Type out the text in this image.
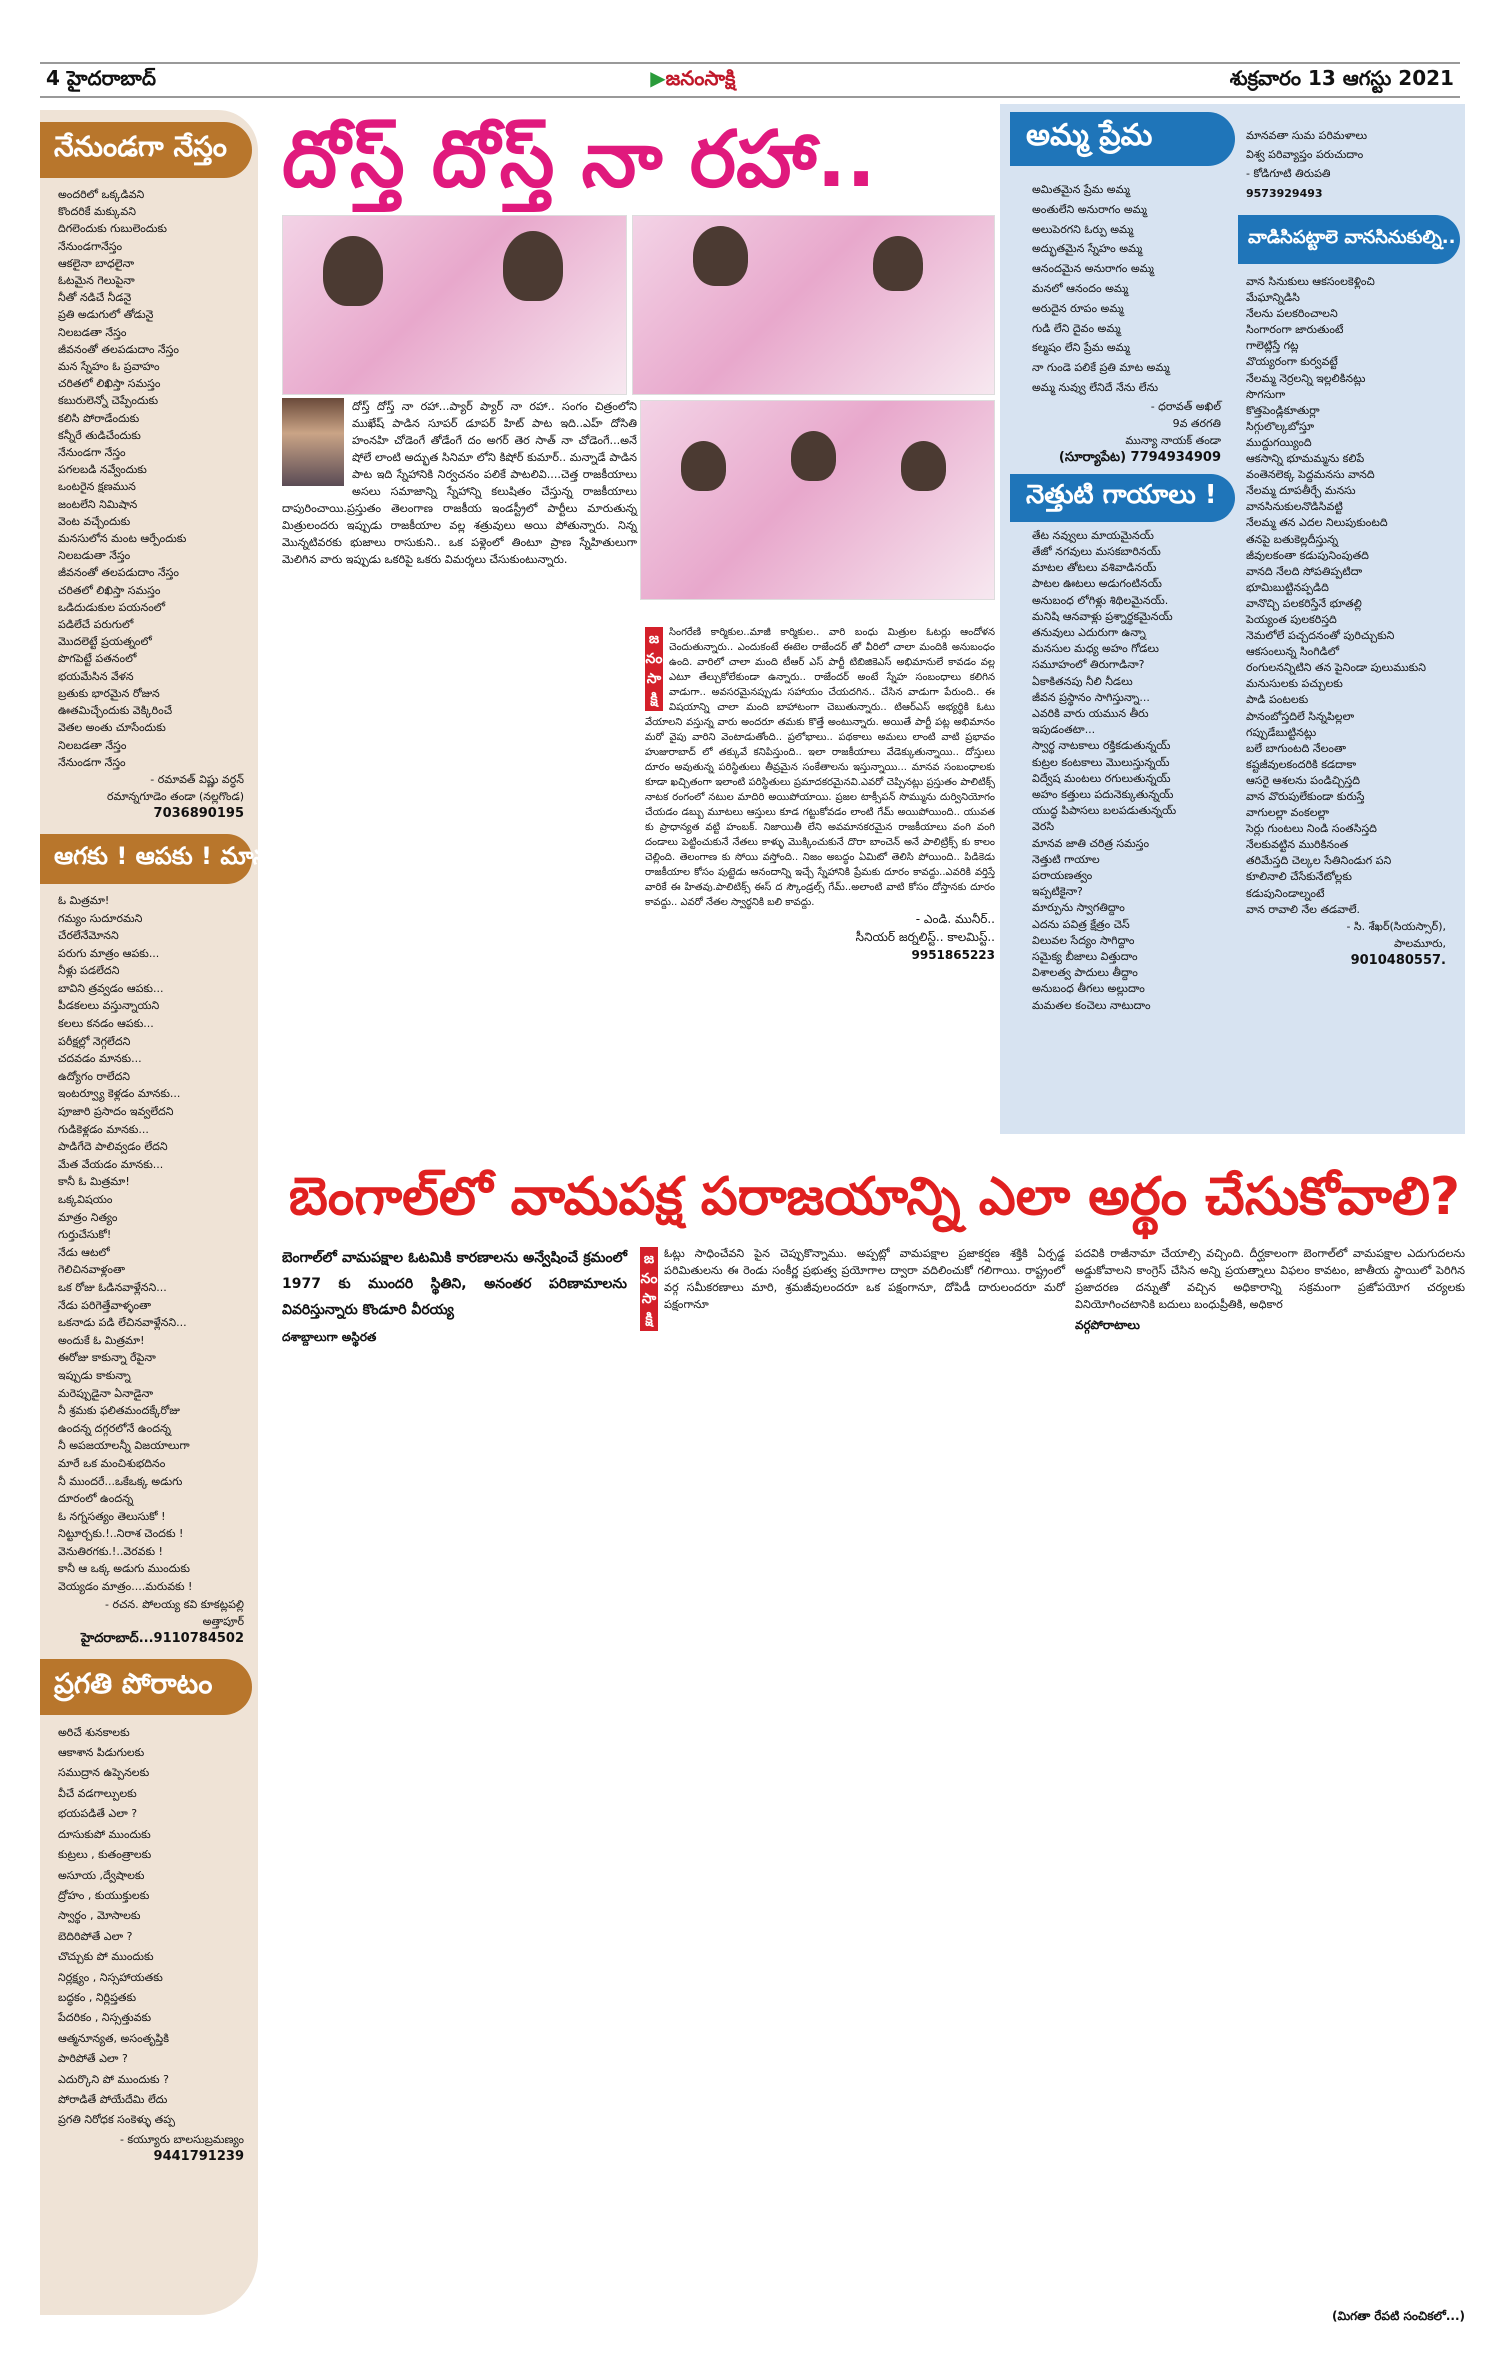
4 హైదరాబాద్	▶జనంసాక్షి	శుక్రవారం 13 ఆగస్టు 2021
నేనుండగా నేస్తం
అందరిలో ఒక్కడివని
కొందరికే మక్కువని
దిగలెందుకు గుబులెందుకు
నేనుండగానేస్తం
ఆకలైనా బాధలైనా
ఓటమైన గెలుపైనా
నీతో నడిచే నీడనై
ప్రతి అడుగులో తోడునై
నిలబడతా నేస్తం
జీవనంతో తలపడుదాం నేస్తం
మన స్నేహం ఓ ప్రవాహం
చరితలో లిఖిస్తా సమస్తం
కబురులెన్నో చెప్పేందుకు
కలిసి పోరాడేందుకు
కన్నీరే తుడిచేందుకు
నేనుండగా నేస్తం
పగలబడి నవ్వేందుకు
ఒంటరైన క్షణమున
జంటలేని నిమిషాన
వెంట వచ్చేందుకు
మనసులోన మంట ఆర్పేందుకు
నిలబడుతా నేస్తం
జీవనంతో తలపడుదాం నేస్తం
చరితలో లిఖిస్తా సమస్తం
ఒడిదుడుకుల పయనంలో
పడిలేచే పరుగులో
మొదలెట్టే ప్రయత్నంలో
పొగపెట్టే పతనంలో
భయమేసిన వేళన
బ్రతుకు భారమైన రోజున
ఊతమిచ్చేందుకు వెక్కిరించే
వెతల అంతు చూసేందుకు
నిలబడతా నేస్తం
నేనుండగా నేస్తం
- రమావత్ విష్ణు వర్ధన్
రమాన్నగూడెం తండా (నల్లగొండ)
7036890195
ఆగకు ! ఆపకు ! మానకు !
ఓ మిత్రమా!
గమ్యం సుదూరమని
చేరలేనేమోనని
పరుగు మాత్రం ఆపకు...
నీళ్లు పడలేదని
బావిని త్రవ్వడం ఆపకు...
పీడకలలు వస్తున్నాయని
కలలు కనడం ఆపకు...
పరీక్షల్లో నెగ్గలేదని
చదవడం మానకు...
ఉద్యోగం రాలేదని
ఇంటర్వ్యూ కెళ్లడం మానకు...
పూజారి ప్రసాదం ఇవ్వలేదని
గుడికెళ్లడం మానకు...
పాడిగేదె పాలివ్వడం లేదని
మేత వేయడం మానకు...
కానీ ఓ మిత్రమా!
ఒక్కవిషయం
మాత్రం నిత్యం
గుర్తుచేసుకో!
నేడు ఆటలో
గెలిచినవాళ్లంతా
ఒక రోజు ఓడినవాళ్లేనని...
నేడు పరిగెత్తేవాళ్ళంతా
ఒకనాడు పడి లేచినవాళ్లేనని...
అందుకే ఓ మిత్రమా!
ఈరోజు కాకున్నా రేపైనా
ఇప్పుడు కాకున్నా
మరెప్పుడైనా ఏనాడైనా
నీ శ్రమకు ఫలితమందక్కేరోజు
ఉందన్న దగ్గరలోనే ఉందన్న
నీ అపజయాలన్నీ విజయాలుగా
మారే ఒక మంచిశుభదినం
నీ ముందరే...ఒకేఒక్క అడుగు
దూరంలో ఉందన్న
ఓ నగ్నసత్యం తెలుసుకో !
నిట్టూర్చకు.!..నిరాశ చెందకు !
వెనుతిరగకు.!..వెరవకు !
కానీ ఆ ఒక్క అడుగు ముందుకు
వెయ్యడం మాత్రం....మరువకు !
- రచన. పోలయ్య కవి కూకట్లపల్లి
అత్తాపూర్
హైదరాబాద్...9110784502
ప్రగతి పోరాటం
అరిచే శునకాలకు
ఆకాశాన పిడుగులకు
సముద్రాన ఉప్పెనలకు
వీచే వడగాల్పులకు
భయపడితే ఎలా ?
దూసుకుపో ముందుకు
కుట్రలు , కుతంత్రాలకు
అసూయ ,ద్వేషాలకు
ద్రోహం , కుయుక్తులకు
స్వార్థం , మోసాలకు
బెదిరిపోతే ఎలా ?
చొచ్చుకు పో ముందుకు
నిర్లక్ష్యం , నిస్సహాయతకు
బద్ధకం , నిర్లిప్తతకు
పేదరికం , నిస్సత్తువకు
ఆత్మనూన్యత, అసంతృప్తికి
పారిపోతే ఎలా ?
ఎదుర్కొని పో ముందుకు ?
పోరాడితే పోయేదేమి లేదు
ప్రగతి నిరోధక సంకెళ్ళు తప్ప
- కయ్యూరు బాలసుబ్రమణ్యం
9441791239
దోస్త్ దోస్త్ నా రహా..

దోస్త్ దోస్త్ నా రహా...ప్యార్ ప్యార్ నా రహా.. సంగం చిత్రంలోని ముఖేష్ పాడిన సూపర్ డూపర్ హిట్ పాట ఇది..ఎహ్ దోసితి హంనహి చోడెంగే తోడేంగే దం అగర్ తెర సాత్ నా చోడెంగే...అనే షోలే లాంటి అద్భుత సినిమా లోని కిషోర్ కుమార్.. మన్నాడే పాడిన పాట ఇది స్నేహానికి నిర్వచనం పలికే పాటలివి....చెత్త రాజకీయాలు అసలు సమాజాన్ని స్నేహాన్ని కలుషితం చేస్తున్న రాజకీయాలు దాపురించాయి.ప్రస్తుతం తెలంగాణ రాజకీయ ఇండస్ట్రీలో పార్టీలు మారుతున్న మిత్రులందరు ఇప్పుడు రాజకీయాల వల్ల శత్రువులు అయి పోతున్నారు. నిన్న మొన్నటివరకు భుజాలు రాసుకుని.. ఒక పళ్లెంలో తింటూ ప్రాణ స్నేహితులుగా మెలిగిన వారు ఇప్పుడు ఒకరిపై ఒకరు విమర్శలు చేసుకుంటున్నారు.

జ
నం
సా
క్షి

సింగరేణి కార్మికుల..మాజీ కార్మికుల.. వారి బంధు మిత్రుల ఓటర్లు ఆందోళన చెందుతున్నారు.. ఎందుకంటే ఈటెల రాజేందర్ తో వీరిలో చాలా మందికి అనుబంధం ఉంది. వారిలో చాలా మంది టీఆర్ ఎస్ పార్టీ టిబిజికెఎస్ అభిమానులే కావడం వల్ల ఎటూ తేల్చుకోలేకుండా ఉన్నారు.. రాజేందర్ అంటే స్నేహ సంబంధాలు కలిగిన వాడుగా.. అవసరమైనప్పుడు సహాయం చేయదగిన.. చేసిన వాడుగా పేరుంది.. ఈ విషయాన్ని చాలా మంది బాహాటంగా చెబుతున్నారు.. టిఆర్ఎస్ అభ్యర్థికి ఓటు వేయాలని వస్తున్న వారు అందరూ తమకు కొత్తే అంటున్నారు. అయితే పార్టీ పట్ల అభిమానం మరో వైపు వారిని వెంటాడుతోంది.. ప్రలోభాలు.. పథకాలు అమలు లాంటి వాటి ప్రభావం హుజురాబాద్ లో తక్కువే కనిపిస్తుంది.. ఇలా రాజకీయాలు వేడెక్కుతున్నాయి.. దోస్తులు దూరం అవుతున్న పరిస్థితులు తీవ్రమైన సంకేతాలను ఇస్తున్నాయి... మానవ సంబంధాలకు కూడా ఖచ్చితంగా ఇలాంటి పరిస్థితులు ప్రమాదకరమైనవి.ఎవరో చెప్పినట్లు ప్రస్తుతం పాలిటిక్స్ నాటక రంగంలో నటుల మాదిరి అయిపోయాయి. ప్రజల టాక్సీపన్ సొమ్మును దుర్వినియోగం చేయడం డబ్బు మూటలు ఆస్తులు కూడ గట్టుకోవడం లాంటి గేమ్ అయిపోయింది.. యువత కు ప్రాధాన్యత వట్టి హంబక్. నిజాయితీ లేని అవమానకరమైన రాజకీయాలు వంగి వంగి దండాలు పెట్టించుకునే నేతలు కాళ్ళు మొక్కించుకునే దొరా బాంచెన్ అనే పాలిట్రిక్స్ కు కాలం చెల్లింది. తెలంగాణ కు సోయి వస్తోంది.. నిజం అబద్ధం ఏమిటో తెలిసి పోయింది.. పిడికెడు రాజకీయాల కోసం పుట్టెడు ఆనందాన్ని ఇచ్చే స్నేహానికి ప్రేమకు దూరం కావద్దు..ఎవరికి వర్తిస్తే వారికే ఈ హితవు.పాలిటిక్స్ ఈస్ ద స్కౌండ్రల్స్ గేమ్..అలాంటి వాటి కోసం దోస్తానకు దూరం కావద్దు.. ఎవరో నేతల స్వార్థనికి బలి కావద్దు.

- ఎండి. మునీర్..
సీనియర్ జర్నలిస్ట్.. కాలమిస్ట్..
9951865223
అమ్మ ప్రేమ
అమితమైన ప్రేమ అమ్మ
అంతులేని అనురాగం అమ్మ
అలుపెరగని ఓర్పు అమ్మ
అద్భుతమైన స్నేహం అమ్మ
ఆనందమైన అనురాగం అమ్మ
మనలో ఆనందం అమ్మ
అరుదైన రూపం అమ్మ
గుడి లేని దైవం అమ్మ
కల్మషం లేని ప్రేమ అమ్మ
నా గుండె పలికే ప్రతి మాట అమ్మ
అమ్మ నువ్వు లేనిదే నేను లేను
- ధరావత్ అఖిల్
9వ తరగతి
మున్యా నాయక్ తండా
(సూర్యాపేట) 7794934909
నెత్తుటి గాయాలు !
తేట నవ్వులు మాయమైనయ్
తేజో నగవులు మసకబారినయ్
మాటల తోటలు వశివాడినయ్
పాటల ఊటలు అడుగంటినయ్
అనుబంధ లోగిళ్లు శిథిలమైనయ్.
మనిషి ఆనవాళ్లు ప్రశ్నార్థకమైనయ్
తనువులు ఎదురుగా ఉన్నా
మనసుల మధ్య అహం గోడలు
సమూహంలో తిరుగాడినా?
ఏకాకితనపు నీలి నీడలు
జీవన ప్రస్థానం సాగిస్తున్నా...
ఎవరికి వారు యమున తీరు
ఇపుడంతటా...
స్వార్థ నాటకాలు రక్తికడుతున్నయ్
కుట్రల కంటకాలు మొలుస్తున్నయ్
విద్వేష మంటలు రగులుతున్నయ్
అహం కత్తులు పదునెక్కుతున్నయ్
యుద్ధ పిపాసలు బలపడుతున్నయ్
వెరసి
మానవ జాతి చరిత్ర సమస్తం
నెత్తుటి గాయాల
పరాయణత్వం
ఇప్పటికైనా?
మార్పును స్వాగతిద్దాం
ఎదను పవిత్ర క్షేత్రం చెస్
విలువల సేద్యం సాగిద్దాం
సమైక్య బీజాలు విత్తుదాం
విశాలత్వ పాదులు తీద్దాం
అనుబంధ తీగలు అల్లుదాం
మమతల కంచెలు నాటుదాం
మానవతా సుమ పరిమళాలు
విశ్వ పరివ్యాప్తం పరుచుదాం
- కోడిగూటి తిరుపతి
9573929493
వాడిసిపట్టాలె వానసినుకుల్ని..
వాన సినుకులు ఆకసంలకెళ్లించి
మేఘాన్నిడిసి
నేలను పలకరించాలని
సింగారంగా జారుతుంటే
గాలెట్లిస్తే గట్ల
వొయ్యరంగా కుర్వవట్టే
నేలమ్మ నెర్రలన్ని ఇల్లలికినట్లు
సొగసుగా
కొత్తపెండ్లికూతుర్లా
సిగ్గులొల్కబోస్తూ
ముద్దుగయ్యింది
ఆకసాన్ని భూమమ్మను కలిపే
వంతెనలెక్క పెద్దమనసు వానది
నేలమ్మ దూపతీర్చే మనసు
వానసినుకులనొడిసివట్టి
నేలమ్మ తన ఎదల నిలుపుకుంటది
తనపై బతుకెల్లదీస్తున్న
జీవులకంతా కడుపునింపుతది
వానది నేలది సోపతిప్పటిదా
భూమిబుట్టినప్పడిది
వానొచ్చి పలకరిస్తేనే భూతల్లి
పెయ్యంత పులకరిస్తది
నెమలోలే పచ్చదనంతో పురిచ్చుకుని
ఆకసంలున్న సింగిడిలో
రంగులనన్నిటిని తన పైనిండా పులుముకుని
మనుసులకు పచ్చులకు
పాడి పంటలకు
పానంబోస్తదిలే సిన్నపిల్లలా
గప్పుడేబుట్టినట్లు
బలే బాగుంటది నేలంతా
కష్టజీవులకందరికి కడదాకా
ఆసరై ఆశలను పండిచ్చిస్తది
వాన వొరుపులేకుండా కురుస్తే
వాగులల్లా వంకలల్లా
సెర్లు గుంటలు నిండి సంతసిస్తది
నేలకువట్టిన మురికినంత
తరిమేస్తది చెల్కల సేతినిండుగ పని
కూలినాలి చేసేకునేటోల్లకు
కడుపునిండాల్నంటే
వాన రావాలి నేల తడవాలే.
- సి. శేఖర్(సియస్సార్),
పాలమూరు,
9010480557.
బెంగాల్‌లో వామపక్ష పరాజయాన్ని ఎలా అర్థం చేసుకోవాలి?
బెంగాల్‌లో వామపక్షాల ఓటమికి కారణాలను అన్వేషించే క్రమంలో 1977 కు ముందరి స్థితిని, అనంతర పరిణామాలను వివరిస్తున్నారు కొండూరి వీరయ్య
దశాబ్దాలుగా అస్థిరత
జ
నం
సా
క్షి

ఓట్లు సాధించేవని పైన చెప్పుకొన్నాము. అప్పట్లో వామపక్షాల ప్రజాకర్షణ శక్తికి ఏర్పడ్డ పరిమితులను ఈ రెండు సంకీర్ణ ప్రభుత్వ ప్రయోగాల ద్వారా వదిలించుకో గలిగాయి. రాష్ట్రంలో వర్గ సమీకరణాలు మారి, శ్రమజీవులందరూ ఒక పక్షంగానూ, దోపిడీ దారులందరూ మరో పక్షంగానూ

పదవికి రాజీనామా చేయాల్సి వచ్చింది. దీర్ఘకాలంగా బెంగాల్‌లో వామపక్షాల ఎదుగుదలను అడ్డుకోవాలని కాంగ్రెస్ చేసిన అన్ని ప్రయత్నాలు విఫలం కావటం, జాతీయ స్థాయిలో పెరిగిన ప్రజాదరణ దన్నుతో వచ్చిన అధికారాన్ని సక్రమంగా ప్రజోపయోగ చర్యలకు వినియోగించటానికి బదులు బంధుప్రీతికి, అధికార

వర్గపోరాటాలు
(మిగతా రేపటి సంచికలో...)
